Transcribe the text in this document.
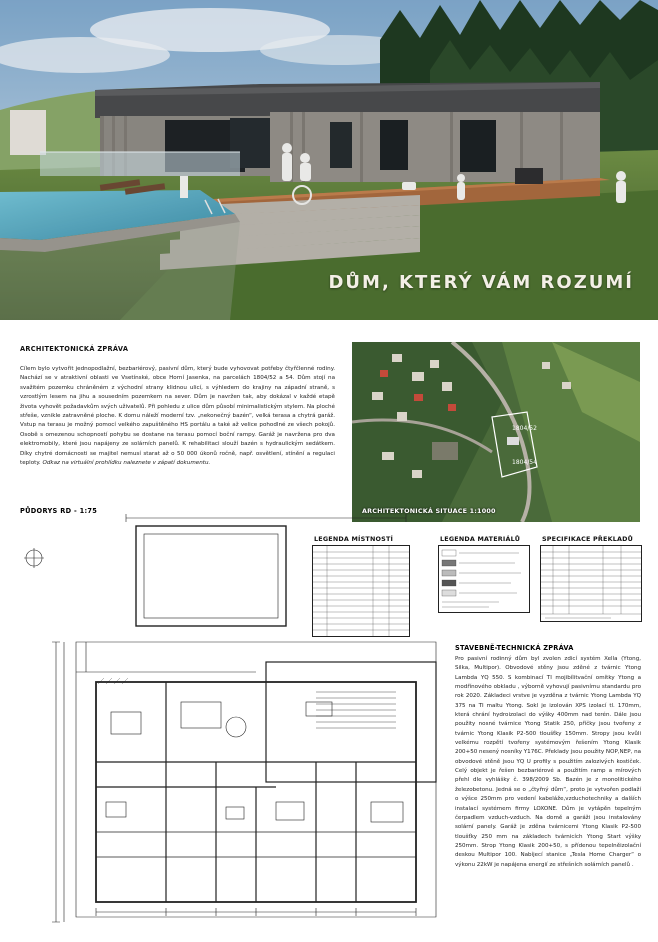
DŮM, KTERÝ VÁM ROZUMÍ
ARCHITEKTONICKÁ ZPRÁVA
Cílem bylo vytvořit jednopodlažní, bezbariérový, pasivní dům, který bude vyhovovat potřeby čtyřčlenné rodiny. Nachází se v atraktivní oblasti ve Vsetínské, obce Horní Jasenka, na parcelách 1804/52 a 54. Dům stojí na svažitém pozemku chráněném z východní strany klidnou ulicí, s výhledem do krajiny na západní straně, s vzrostlým lesem na jihu a sousedním pozemkem na sever. Dům je navržen tak, aby dokázal v každé etapě života vyhovět požadavkům svých uživatelů. Při pohledu z ulice dům působí minimalistickým stylem. Na ploché střeše, vznikle zatravněné ploche. K domu náleží moderní tzv. „nekonečný bazén“, velká terasa a chytrá garáž. Vstup na terasu je možný pomocí velkého zapuštěného HS portálu a také až velice pohodlné ze všech pokojů. Osobě s omezenou schopností pohybu se dostane na terasu pomocí boční rampy. Garáž je navržena pro dva elektromobily, které jsou napájeny ze solárních panelů. K rehabilitaci slouží bazén s hydraulickým sedátkem. Díky chytré domácnosti se majitel nemusí starat až o 50 000 úkonů ročně, např. osvětlení, stínění a regulaci teploty. Odkaz na virtuální prohlídku naleznete v zápatí dokumentu.
1804/52
1804/54
ARCHITEKTONICKÁ SITUACE 1:1000
PŮDORYS RD - 1:75
LEGENDA MÍSTNOSTÍ	LEGENDA MATERIÁLŮ	SPECIFIKACE PŘEKLADŮ
STAVEBNĚ-TECHNICKÁ ZPRÁVA
Pro pasivní rodinný dům byl zvolen zdicí systém Xella (Ytong, Silka, Multipor). Obvodové stěny jsou zděné z tvárnic Ytong Lambda YQ 550. S kombinací TI mojibílitvační omítky Ytong a modřínového obkladu , výborně vyhovují pasivnímu standardu pro rok 2020. Základeci vrstve je vyzděna z tvárnic Ytong Lambda YQ 375 na TI maltu Ytong. Sokl je izolován XPS izolací tl. 170mm, která chrání hydroizolaci do výšky 400mm nad terén. Dále jsou použity nosné tvárnice Ytong Statik 250, příčky jsou tvořeny z tvárnic Ytong Klasik P2-500 tloušťky 150mm. Stropy jsou kvůli velkému rozpětí tvořeny systémovým řešením Ytong Klasik 200+50 nesený nosníky Y176C. Překlady jsou použity NOP,NEP, na obvodové stěně jsou YQ U profily s použitím zalozivých kostiček. Celý objekt je řešen bezbariérové a použitím ramp a mírových přehl dle vyhlášky č. 398/2009 Sb. Bazén je z monolitického železobetonu. Jedná se o „čtyřný dům“, proto je vytvořen podlaží o výšce 250mm pro vedení kabeláže,vzduchotechniky a dalších instalací systémem firmy LOXONE. Dům je vytápěn tepelným čerpadlem vzduch-vzduch. Na domě a garáži jsou instalovány solární panely. Garáž je zděna tvárnicemi Ytong Klasik P2-500 tloušťky 250 mm na základech tvárnicích Ytong Start výšky 250mm. Strop Ytong Klasik 200+50, s přídenou tepelněizolační deskou Multipor 100. Nabíjecí stanice „Tesla Home Charger“ o výkonu 22kW je napájena energií ze střešních solárních panelů .
